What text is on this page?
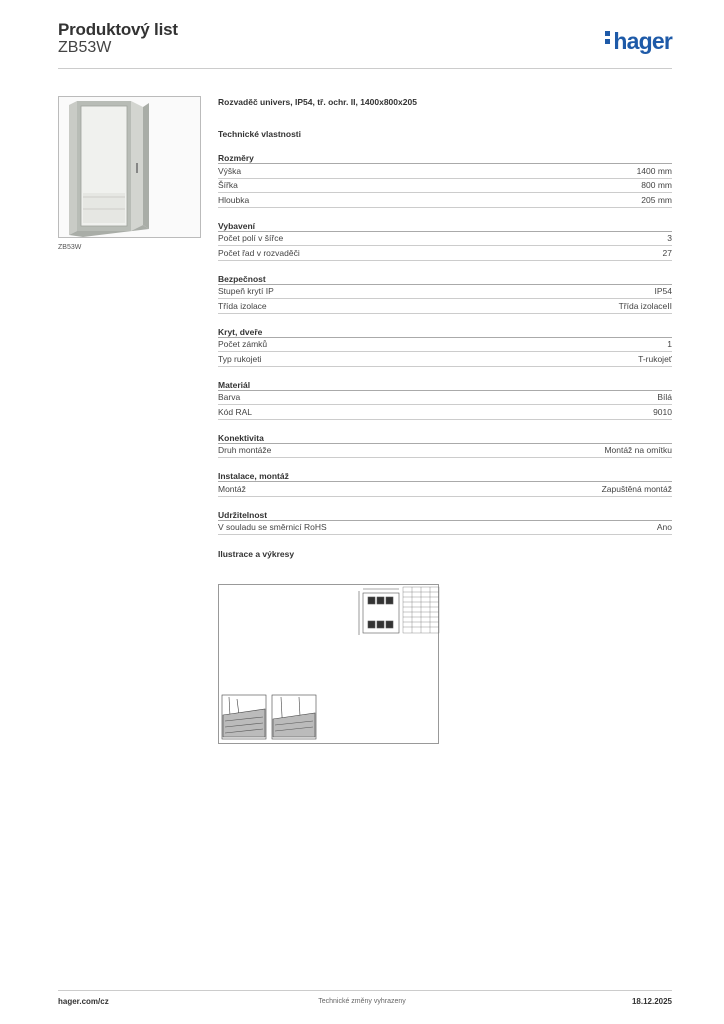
Produktový list
ZB53W	hager
ZB53W
Rozvaděč univers, IP54, tř. ochr. II, 1400x800x205
Technické vlastnosti
Rozměry
Výška	1400 mm
Šířka	800 mm
Hloubka	205 mm
Vybavení
Počet polí v šířce	3
Počet řad v rozvaděči	27
Bezpečnost
Stupeň krytí IP	IP54
Třída izolace	Třída izolaceII
Kryt, dveře
Počet zámků	1
Typ rukojeti	T-rukojeť
Materiál
Barva	Bílá
Kód RAL	9010
Konektivita
Druh montáže	Montáž na omítku
Instalace, montáž
Montáž	Zapuštěná montáž
Udržitelnost
V souladu se směrnicí RoHS	Ano
Ilustrace a výkresy
hager.com/cz	Technické změny vyhrazeny	18.12.2025
